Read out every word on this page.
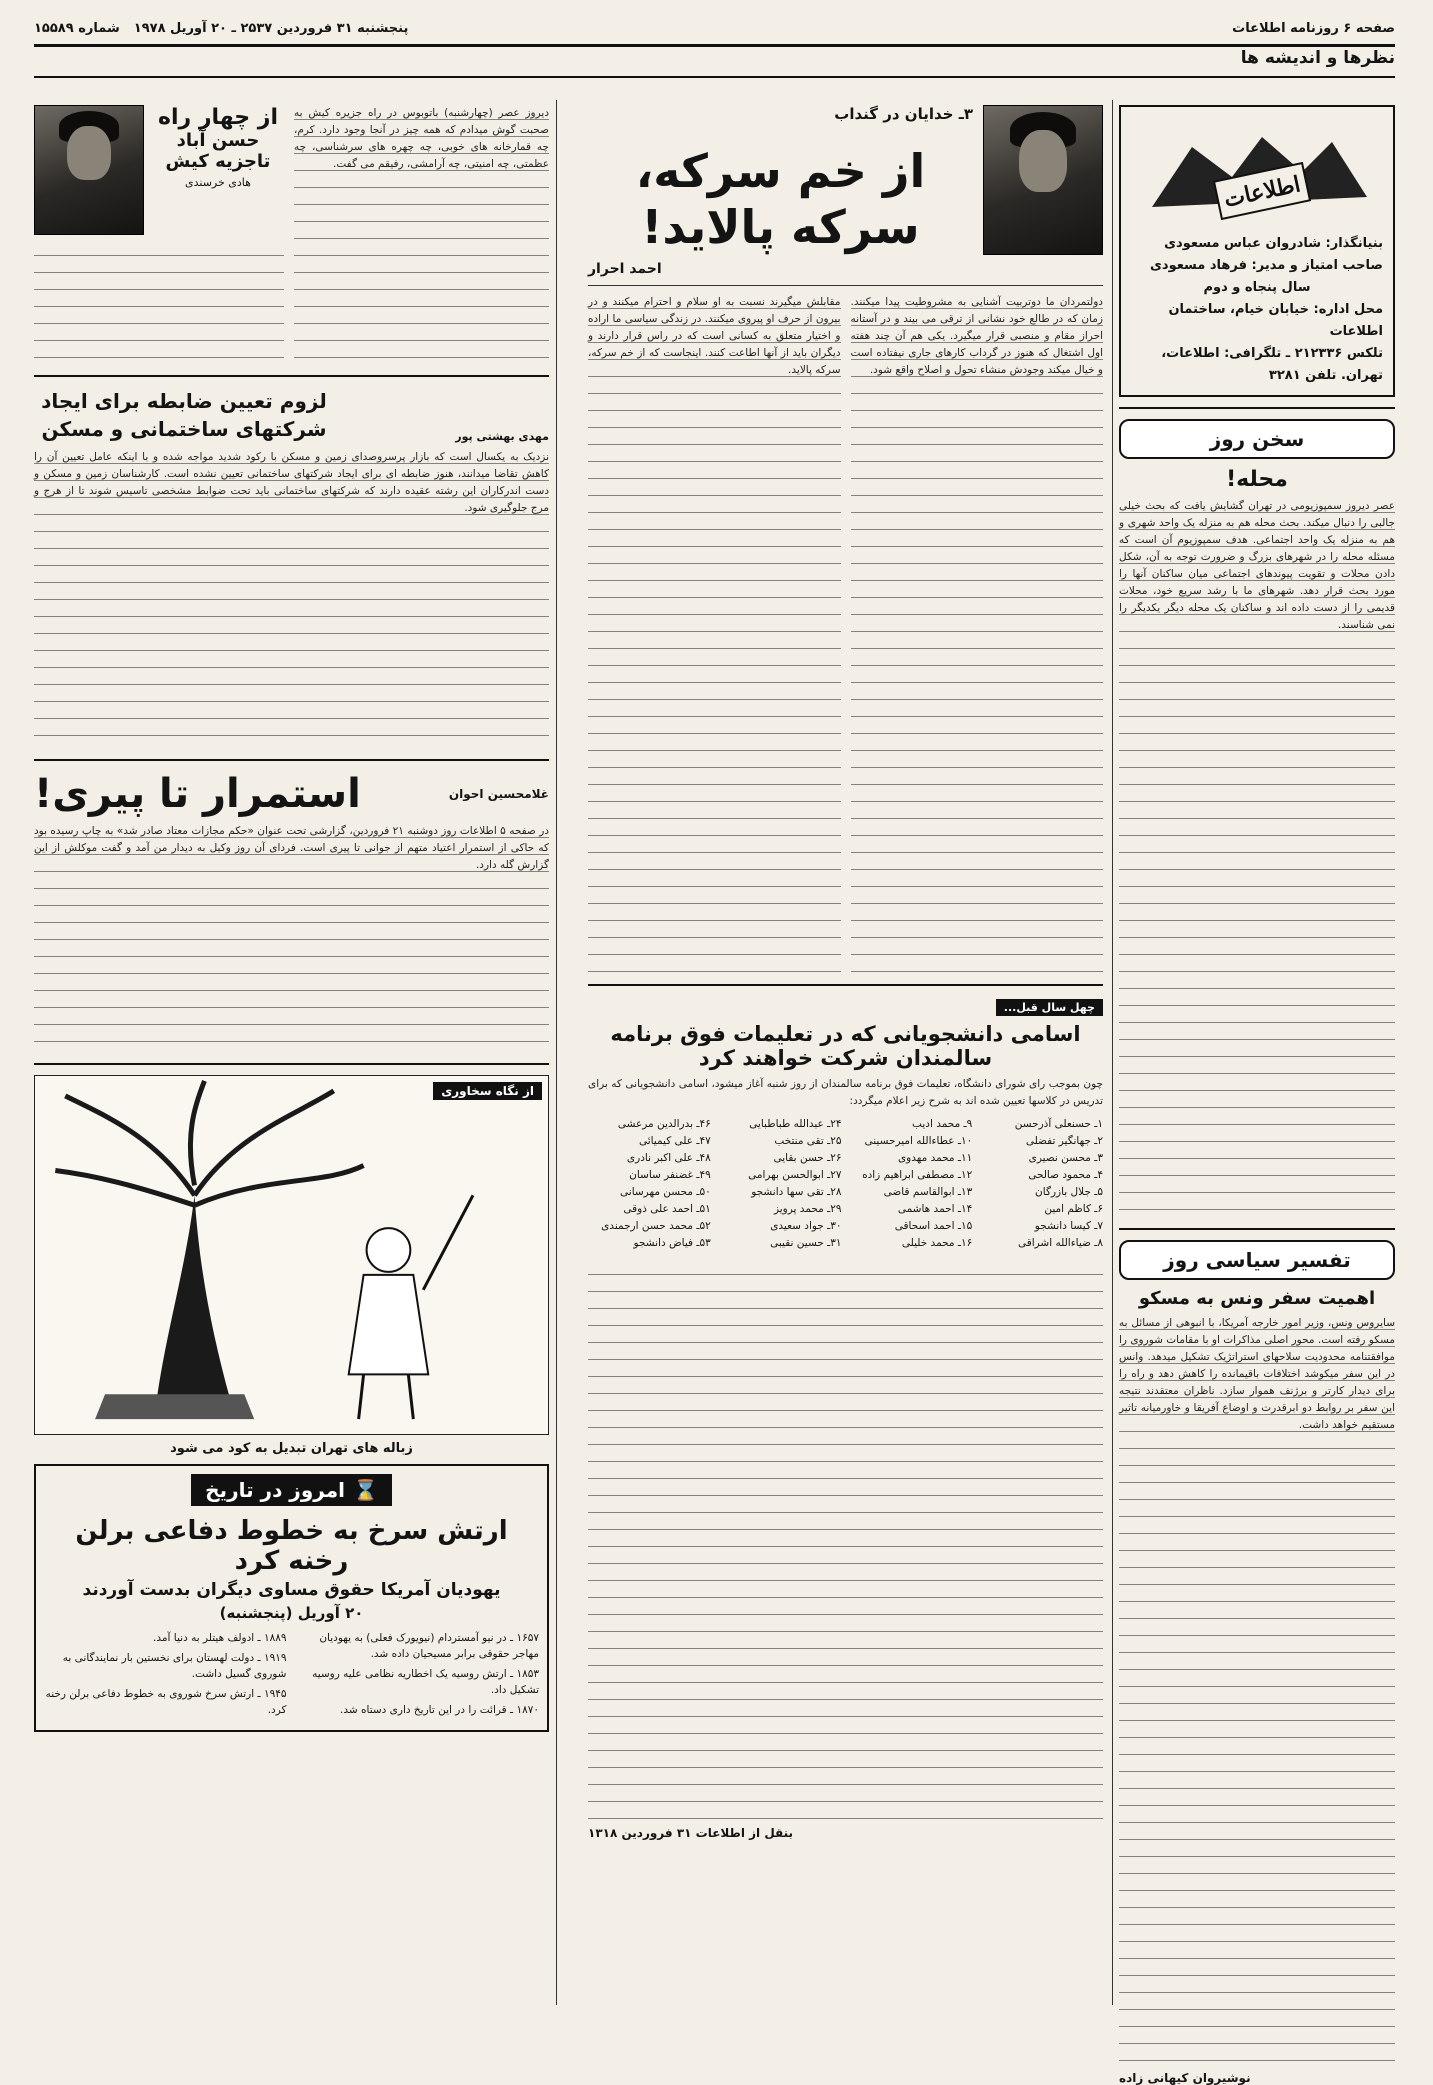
صفحه ۶ روزنامه اطلاعات
پنجشنبه ۳۱ فروردین ۲۵۳۷ ـ ۲۰ آوریل ۱۹۷۸
شماره ۱۵۵۸۹
نظرها و اندیشه ها
اطلاعات
بنیانگذار: شادروان عباس مسعودی
صاحب امتیاز و مدیر: فرهاد مسعودی
سال پنجاه و دوم
محل اداره: خیابان خیام، ساختمان اطلاعات
تلکس ۲۱۲۳۳۶ ـ تلگرافی: اطلاعات، تهران. تلفن ۳۲۸۱
سخن روز
محله!

عصر دیروز سمپوزیومی در تهران گشایش یافت که بحث خیلی جالبی را دنبال میکند. بحث محله هم به منزله یک واحد شهری و هم به منزله یک واحد اجتماعی. هدف سمپوزیوم آن است که مسئله محله را در شهرهای بزرگ و ضرورت توجه به آن، شکل دادن محلات و تقویت پیوندهای اجتماعی میان ساکنان آنها را مورد بحث قرار دهد. شهرهای ما با رشد سریع خود، محلات قدیمی را از دست داده اند و ساکنان یک محله دیگر یکدیگر را نمی شناسند.

تفسیر سیاسی روز
اهمیت سفر ونس به مسکو

سایروس ونس، وزیر امور خارجه آمریکا، با انبوهی از مسائل به مسکو رفته است. محور اصلی مذاکرات او با مقامات شوروی را موافقتنامه محدودیت سلاحهای استراتژیک تشکیل میدهد. وانس در این سفر میکوشد اختلافات باقیمانده را کاهش دهد و راه را برای دیدار کارتر و برژنف هموار سازد. ناظران معتقدند نتیجه این سفر بر روابط دو ابرقدرت و اوضاع آفریقا و خاورمیانه تاثیر مستقیم خواهد داشت.

نوشیروان کیهانی زاده
۳ـ خدایان در گنداب
از خم سرکه، سرکه پالاید!
احمد احرار

دولتمردان ما دوتربیت آشنایی به مشروطیت پیدا میکنند. زمان که در طالع خود نشانی از ترقی می بیند و در آستانه احراز مقام و منصبی قرار میگیرد. یکی هم آن چند هفته اول اشتغال که هنوز در گرداب کارهای جاری نیفتاده است و خیال میکند وجودش منشاء تحول و اصلاح واقع شود.

مقابلش میگیرند نسبت به او سلام و احترام میکنند و در بیرون از حرف او پیروی میکنند. در زندگی سیاسی ما اراده و اختیار متعلق به کسانی است که در راس قرار دارند و دیگران باید از آنها اطاعت کنند. اینجاست که از خم سرکه، سرکه پالاید.

چهل سال قبل...
اسامی دانشجویانی که در تعلیمات فوق برنامه سالمندان شرکت خواهند کرد
چون بموجب رای شورای دانشگاه، تعلیمات فوق برنامه سالمندان از روز شنبه آغاز میشود، اسامی دانشجویانی که برای تدریس در کلاسها تعیین شده اند به شرح زیر اعلام میگردد:
۱ـ حسنعلی آذرحسن
۲ـ جهانگیر تفضلی
۳ـ محسن نصیری
۴ـ محمود صالحی
۵ـ جلال بازرگان
۶ـ کاظم امین
۷ـ کیسا دانشجو
۸ـ ضیاءالله اشراقی
۹ـ محمد ادیب
۱۰ـ عطاءالله امیرحسینی
۱۱ـ محمد مهدوی
۱۲ـ مصطفی ابراهیم زاده
۱۳ـ ابوالقاسم قاضی
۱۴ـ احمد هاشمی
۱۵ـ احمد اسحاقی
۱۶ـ محمد خلیلی
۲۴ـ عبدالله طباطبایی
۲۵ـ تقی منتخب
۲۶ـ حسن بقایی
۲۷ـ ابوالحسن بهرامی
۲۸ـ تقی سها دانشجو
۲۹ـ محمد پرویز
۳۰ـ جواد سعیدی
۳۱ـ حسین نقیبی
۴۶ـ بدرالدین مرعشی
۴۷ـ علی کیمیائی
۴۸ـ علی اکبر نادری
۴۹ـ غضنفر ساسان
۵۰ـ محسن مهرسانی
۵۱ـ احمد علی ذوقی
۵۲ـ محمد حسن ارجمندی
۵۳ـ فیاض دانشجو
بنقل از اطلاعات ۳۱ فروردین ۱۳۱۸

دیروز عصر (چهارشنبه) باتوبوس در راه جزیره کیش به صحبت گوش میدادم که همه چیز در آنجا وجود دارد. کرم، چه قمارخانه های خوبی، چه چهره های سرشناسی، چه عظمتی، چه امنیتی، چه آرامشی، رفیقم می گفت.

از چهار راه
حسن آباد
تاجزیه کیش
هادی خرسندی
مهدی بهشتی پور
لزوم تعیین ضابطه برای ایجاد شرکتهای ساختمانی و مسکن

نزدیک به یکسال است که بازار پرسروصدای زمین و مسکن با رکود شدید مواجه شده و با اینکه عامل تعیین آن را کاهش تقاضا میدانند، هنوز ضابطه ای برای ایجاد شرکتهای ساختمانی تعیین نشده است. کارشناسان زمین و مسکن و دست اندرکاران این رشته عقیده دارند که شرکتهای ساختمانی باید تحت ضوابط مشخصی تاسیس شوند تا از هرج و مرج جلوگیری شود.

غلامحسین احوان
استمرار تا پیری!

در صفحه ۵ اطلاعات روز دوشنبه ۲۱ فروردین، گزارشی تحت عنوان «حکم مجازات معتاد صادر شد» به چاپ رسیده بود که حاکی از استمرار اعتیاد متهم از جوانی تا پیری است. فردای آن روز وکیل به دیدار من آمد و گفت موکلش از این گزارش گله دارد.

از نگاه سخاوری
زباله های تهران تبدیل به کود می شود
⌛
امروز در تاریخ
ارتش سرخ به خطوط دفاعی برلن رخنه کرد
یهودیان آمریکا حقوق مساوی دیگران بدست آوردند
۲۰ آوریل (پنجشنبه)
۱۶۵۷ ـ در نیو آمستردام (نیویورک فعلی) به یهودیان مهاجر حقوقی برابر مسیحیان داده شد.
۱۸۵۳ ـ ارتش روسیه یک اخطاریه نظامی علیه روسیه تشکیل داد.
۱۸۷۰ ـ قرائت را در این تاریخ داری دستاه شد.
۱۸۸۹ ـ ادولف هیتلر به دنیا آمد.
۱۹۱۹ ـ دولت لهستان برای نخستین بار نمایندگانی به شوروی گسیل داشت.
۱۹۴۵ ـ ارتش سرخ شوروی به خطوط دفاعی برلن رخنه کرد.
